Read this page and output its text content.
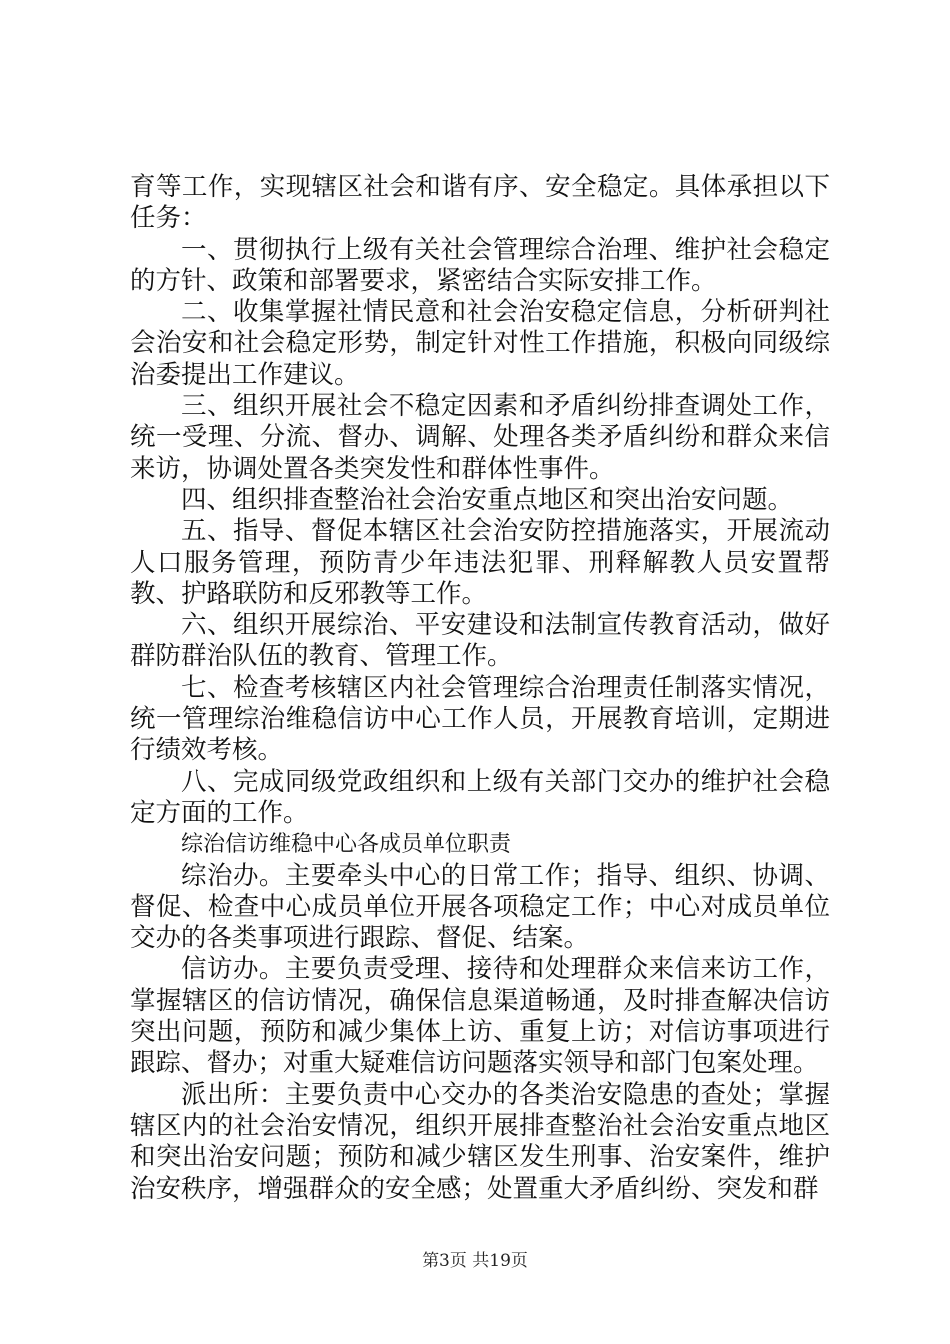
育等工作，实现辖区社会和谐有序、安全稳定。具体承担以下任务：

一、贯彻执行上级有关社会管理综合治理、维护社会稳定的方针、政策和部署要求，紧密结合实际安排工作。

二、收集掌握社情民意和社会治安稳定信息，分析研判社会治安和社会稳定形势，制定针对性工作措施，积极向同级综治委提出工作建议。

三、组织开展社会不稳定因素和矛盾纠纷排查调处工作，统一受理、分流、督办、调解、处理各类矛盾纠纷和群众来信来访，协调处置各类突发性和群体性事件。

四、组织排查整治社会治安重点地区和突出治安问题。

五、指导、督促本辖区社会治安防控措施落实，开展流动人口服务管理，预防青少年违法犯罪、刑释解教人员安置帮教、护路联防和反邪教等工作。

六、组织开展综治、平安建设和法制宣传教育活动，做好群防群治队伍的教育、管理工作。

七、检查考核辖区内社会管理综合治理责任制落实情况，统一管理综治维稳信访中心工作人员，开展教育培训，定期进行绩效考核。

八、完成同级党政组织和上级有关部门交办的维护社会稳定方面的工作。

综治信访维稳中心各成员单位职责

综治办。主要牵头中心的日常工作；指导、组织、协调、督促、检查中心成员单位开展各项稳定工作；中心对成员单位交办的各类事项进行跟踪、督促、结案。

信访办。主要负责受理、接待和处理群众来信来访工作，掌握辖区的信访情况，确保信息渠道畅通，及时排查解决信访突出问题，预防和减少集体上访、重复上访；对信访事项进行跟踪、督办；对重大疑难信访问题落实领导和部门包案处理。

派出所：主要负责中心交办的各类治安隐患的查处；掌握辖区内的社会治安情况，组织开展排查整治社会治安重点地区和突出治安问题；预防和减少辖区发生刑事、治安案件，维护治安秩序，增强群众的安全感；处置重大矛盾纠纷、突发和群

第3页 共19页
